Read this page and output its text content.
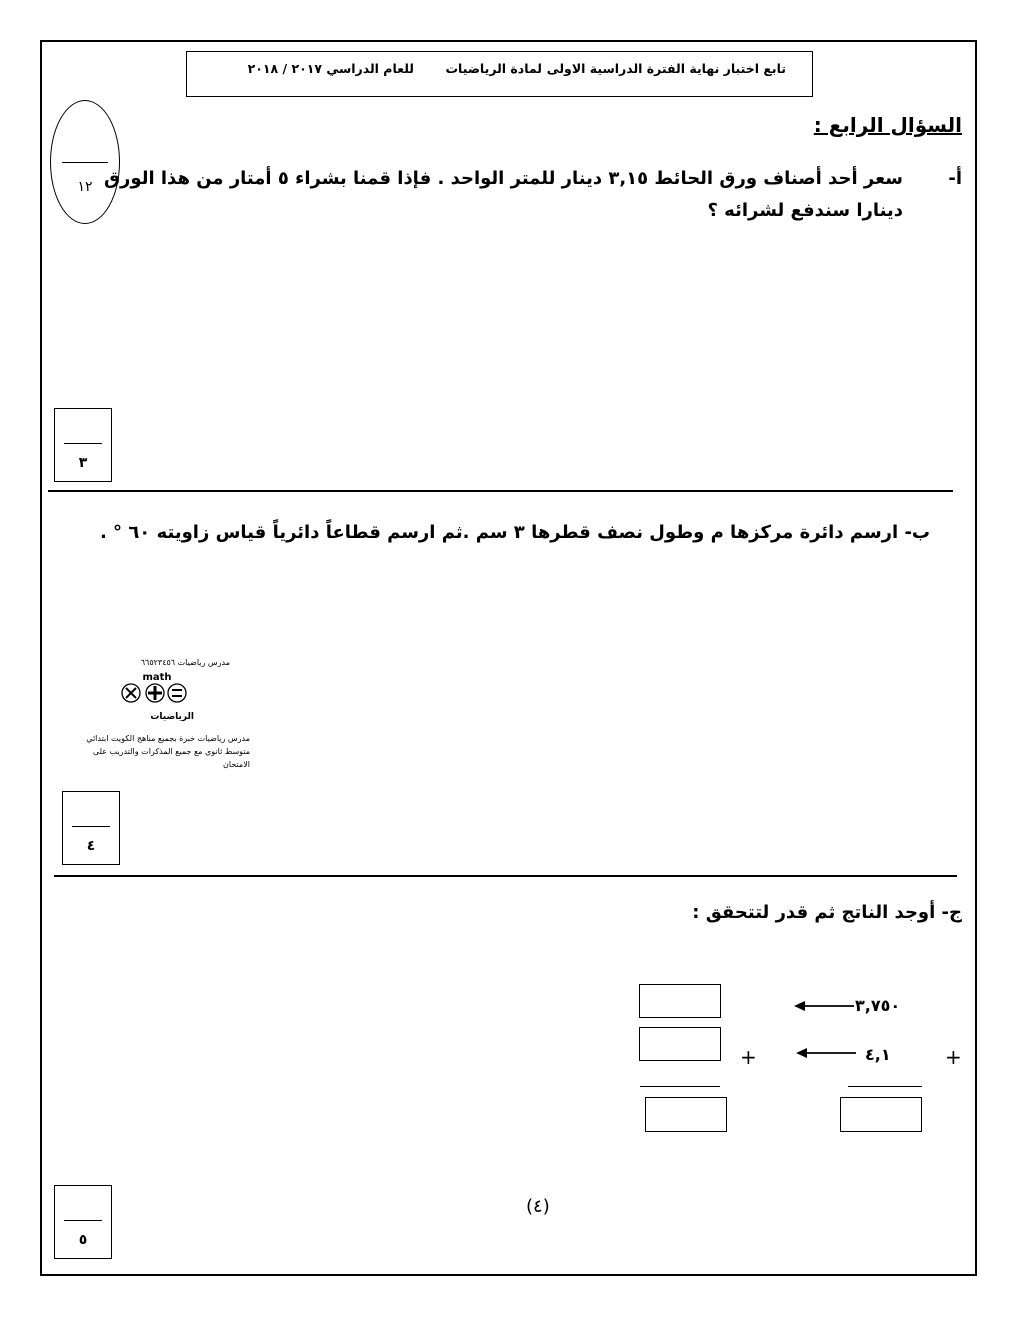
تابع اختبار نهاية الفترة الدراسية الاولى
لمادة الرياضيات
للعام الدراسي ٢٠١٧ / ٢٠١٨
١٢
السؤال الرابع :
أ-
سعر أحد أصناف ورق الحائط ٣,١٥ دينار للمتر الواحد . فإذا قمنا بشراء ٥ أمتار من هذا الورق
دينارا سندفع لشرائه ؟
٣
ب- ارسم دائرة مركزها م وطول نصف قطرها ٣ سم .ثم ارسم قطاعاً دائرياً قياس زاويته ٦٠ ° .
مدرس رياضيات ٦٦٥٢٣٤٥٦
math
الرياضيات
مدرس رياضيات خبرة بجميع مناهج الكويت ابتدائي
متوسط ثانوي مع جميع المذكرات والتدريب على
الامتحان
٤
ج- أوجد الناتج ثم قدر لتتحقق :
٣,٧٥٠
٤,١	+
+
٥
(٤)
